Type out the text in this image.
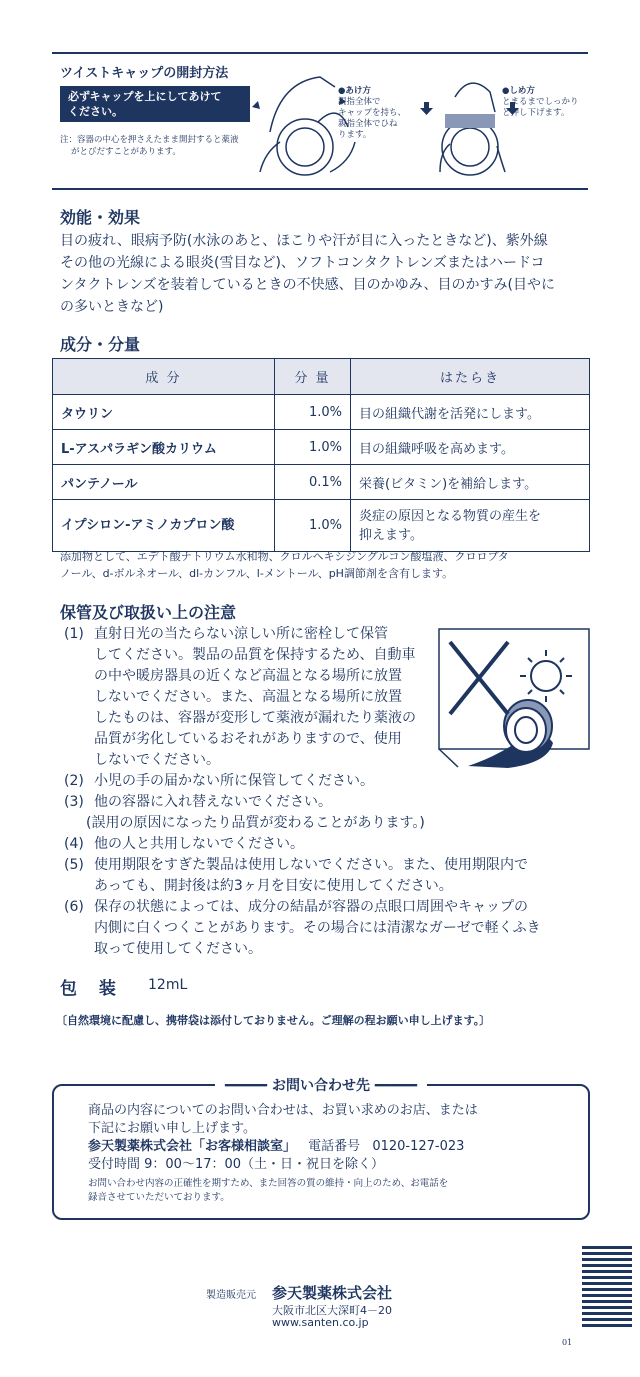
ツイストキャップの開封方法
必ずキャップを上にしてあけて
ください。
注：容器の中心を押さえたまま開封すると薬液
がとびだすことがあります。
●あけ方
親指全体で
キャップを持ち、
親指全体でひね
ります。
●しめ方
とまるまでしっかり
と押し下げます。
効能・効果
目の疲れ、眼病予防(水泳のあと、ほこりや汗が目に入ったときなど)、紫外線
その他の光線による眼炎(雪目など)、ソフトコンタクトレンズまたはハードコ
ンタクトレンズを装着しているときの不快感、目のかゆみ、目のかすみ(目やに
の多いときなど)
成分・分量
成 分	分 量	はたらき
タウリン	1.0%	目の組織代謝を活発にします。
L-アスパラギン酸カリウム	1.0%	目の組織呼吸を高めます。
パンテノール	0.1%	栄養(ビタミン)を補給します。
イプシロン-アミノカプロン酸	1.0%	炎症の原因となる物質の産生を
抑えます。
添加物として、エデト酸ナトリウム水和物、クロルヘキシジングルコン酸塩液、クロロブタ
ノール、d-ボルネオール、dl-カンフル、l-メントール、pH調節剤を含有します。
保管及び取扱い上の注意
(1) 直射日光の当たらない涼しい所に密栓して保管
してください。製品の品質を保持するため、自動車
の中や暖房器具の近くなど高温となる場所に放置
しないでください。また、高温となる場所に放置
したものは、容器が変形して薬液が漏れたり薬液の
品質が劣化しているおそれがありますので、使用
しないでください。
(2) 小児の手の届かない所に保管してください。
(3) 他の容器に入れ替えないでください。
(誤用の原因になったり品質が変わることがあります。)
(4) 他の人と共用しないでください。
(5) 使用期限をすぎた製品は使用しないでください。また、使用期限内で
あっても、開封後は約3ヶ月を目安に使用してください。
(6) 保存の状態によっては、成分の結晶が容器の点眼口周囲やキャップの
内側に白くつくことがあります。その場合には清潔なガーゼで軽くふき
取って使用してください。
包 装 12mL
〔自然環境に配慮し、携帯袋は添付しておりません。ご理解の程お願い申し上げます。〕
━━━━━ お問い合わせ先 ━━━━━
商品の内容についてのお問い合わせは、お買い求めのお店、または
下記にお願い申し上げます。
参天製薬株式会社「お客様相談室」 電話番号 0120-127-023
受付時間 9：00～17：00（土・日・祝日を除く）
お問い合わせ内容の正確性を期すため、また回答の質の維持・向上のため、お電話を
録音させていただいております。
製造販売元 参天製薬株式会社
大阪市北区大深町4－20
www.santen.co.jp
01
